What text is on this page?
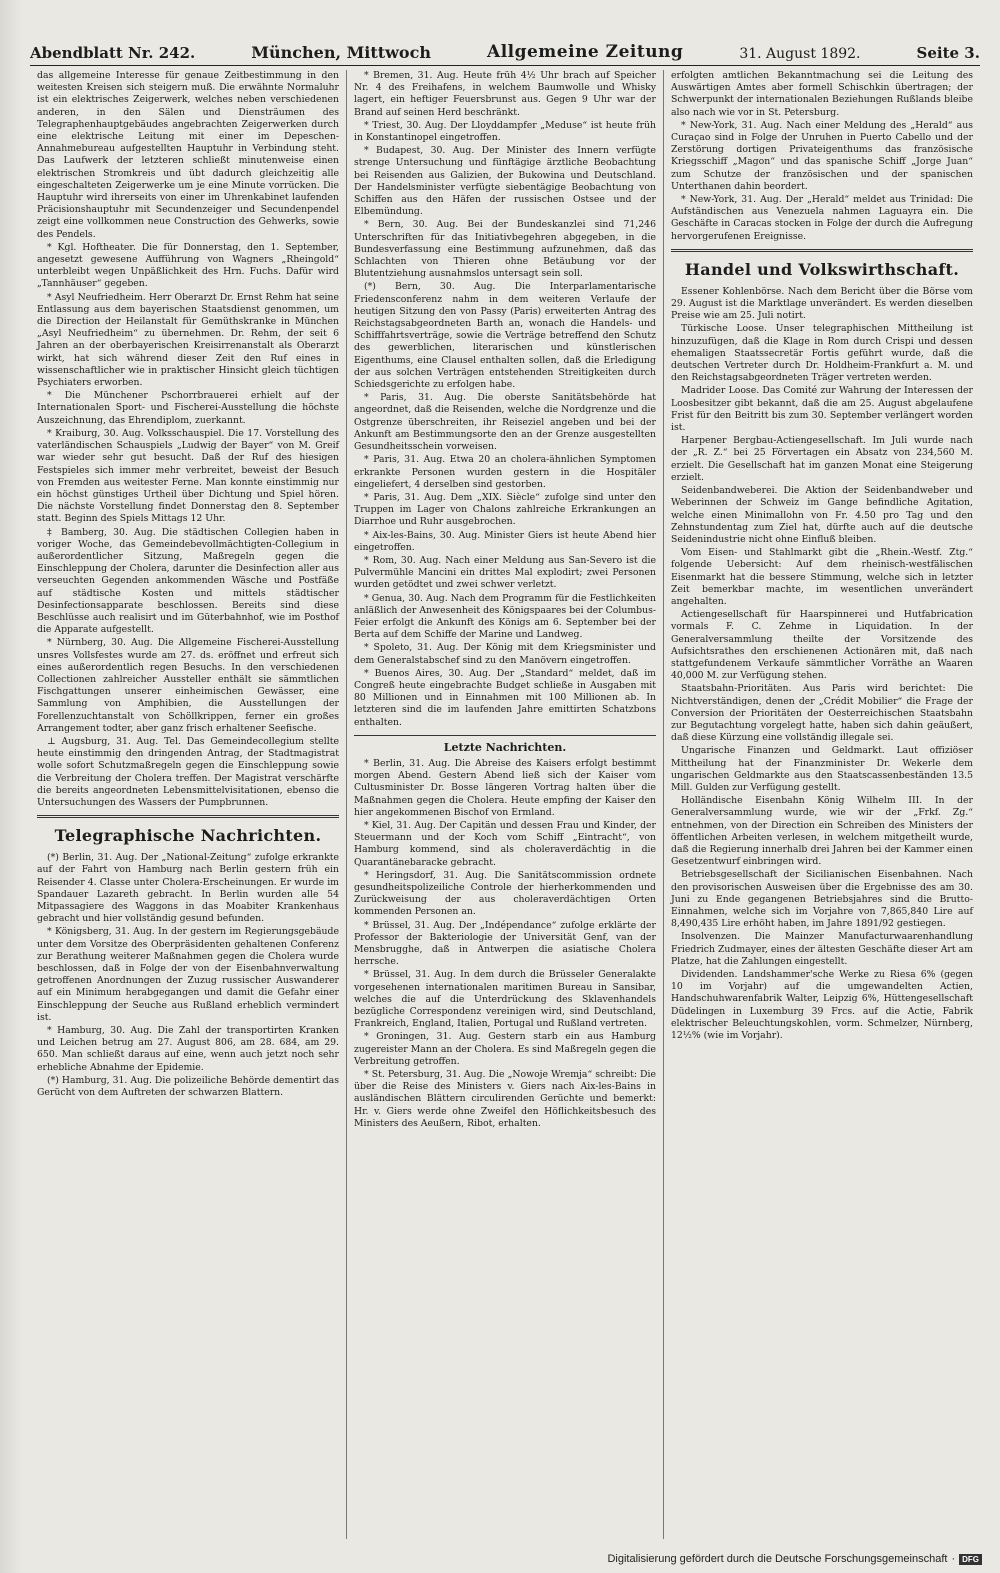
Abendblatt Nr. 242.	München, Mittwoch	Allgemeine Zeitung	31. August 1892.	Seite 3.

das allgemeine Interesse für genaue Zeitbestimmung in den weitesten Kreisen sich steigern muß. Die erwähnte Normaluhr ist ein elektrisches Zeigerwerk, welches neben verschiedenen anderen, in den Sälen und Diensträumen des Telegraphenhauptgebäudes angebrachten Zeigerwerken durch eine elektrische Leitung mit einer im Depeschen-Annahmebureau aufgestellten Hauptuhr in Verbindung steht. Das Laufwerk der letzteren schließt minutenweise einen elektrischen Stromkreis und übt dadurch gleichzeitig alle eingeschalteten Zeigerwerke um je eine Minute vorrücken. Die Hauptuhr wird ihrerseits von einer im Uhrenkabinet laufenden Präcisionshauptuhr mit Secundenzeiger und Secundenpendel zeigt eine vollkommen neue Construction des Gehwerks, sowie des Pendels.

* Kgl. Hoftheater. Die für Donnerstag, den 1. September, angesetzt gewesene Aufführung von Wagners „Rheingold“ unterbleibt wegen Unpäßlichkeit des Hrn. Fuchs. Dafür wird „Tannhäuser“ gegeben.

* Asyl Neufriedheim. Herr Oberarzt Dr. Ernst Rehm hat seine Entlassung aus dem bayerischen Staatsdienst genommen, um die Direction der Heilanstalt für Gemüthskranke in München „Asyl Neufriedheim“ zu übernehmen. Dr. Rehm, der seit 6 Jahren an der oberbayerischen Kreisirrenanstalt als Oberarzt wirkt, hat sich während dieser Zeit den Ruf eines in wissenschaftlicher wie in praktischer Hinsicht gleich tüchtigen Psychiaters erworben.

* Die Münchener Pschorrbrauerei erhielt auf der Internationalen Sport- und Fischerei-Ausstellung die höchste Auszeichnung, das Ehrendiplom, zuerkannt.

* Kraiburg, 30. Aug. Volksschauspiel. Die 17. Vorstellung des vaterländischen Schauspiels „Ludwig der Bayer“ von M. Greif war wieder sehr gut besucht. Daß der Ruf des hiesigen Festspieles sich immer mehr verbreitet, beweist der Besuch von Fremden aus weitester Ferne. Man konnte einstimmig nur ein höchst günstiges Urtheil über Dichtung und Spiel hören. Die nächste Vorstellung findet Donnerstag den 8. September statt. Beginn des Spiels Mittags 12 Uhr.

‡ Bamberg, 30. Aug. Die städtischen Collegien haben in voriger Woche, das Gemeindebevollmächtigten-Collegium in außerordentlicher Sitzung, Maßregeln gegen die Einschleppung der Cholera, darunter die Desinfection aller aus verseuchten Gegenden ankommenden Wäsche und Postfäße auf städtische Kosten und mittels städtischer Desinfectionsapparate beschlossen. Bereits sind diese Beschlüsse auch realisirt und im Güterbahnhof, wie im Posthof die Apparate aufgestellt.

* Nürnberg, 30. Aug. Die Allgemeine Fischerei-Ausstellung unsres Vollsfestes wurde am 27. ds. eröffnet und erfreut sich eines außerordentlich regen Besuchs. In den verschiedenen Collectionen zahlreicher Aussteller enthält sie sämmtlichen Fischgattungen unserer einheimischen Gewässer, eine Sammlung von Amphibien, die Ausstellungen der Forellenzuchtanstalt von Schöllkrippen, ferner ein großes Arrangement todter, aber ganz frisch erhaltener Seefische.

⊥ Augsburg, 31. Aug. Tel. Das Gemeindecollegium stellte heute einstimmig den dringenden Antrag, der Stadtmagistrat wolle sofort Schutzmaßregeln gegen die Einschleppung sowie die Verbreitung der Cholera treffen. Der Magistrat verschärfte die bereits angeordneten Lebensmittelvisitationen, ebenso die Untersuchungen des Wassers der Pumpbrunnen.

Telegraphische Nachrichten.

(*) Berlin, 31. Aug. Der „National-Zeitung“ zufolge erkrankte auf der Fahrt von Hamburg nach Berlin gestern früh ein Reisender 4. Classe unter Cholera-Erscheinungen. Er wurde im Spandauer Lazareth gebracht. In Berlin wurden alle 54 Mitpassagiere des Waggons in das Moabiter Krankenhaus gebracht und hier vollständig gesund befunden.

* Königsberg, 31. Aug. In der gestern im Regierungsgebäude unter dem Vorsitze des Oberpräsidenten gehaltenen Conferenz zur Berathung weiterer Maßnahmen gegen die Cholera wurde beschlossen, daß in Folge der von der Eisenbahnverwaltung getroffenen Anordnungen der Zuzug russischer Auswanderer auf ein Minimum herabgegangen und damit die Gefahr einer Einschleppung der Seuche aus Rußland erheblich vermindert ist.

* Hamburg, 30. Aug. Die Zahl der transportirten Kranken und Leichen betrug am 27. August 806, am 28. 684, am 29. 650. Man schließt daraus auf eine, wenn auch jetzt noch sehr erhebliche Abnahme der Epidemie.

(*) Hamburg, 31. Aug. Die polizeiliche Behörde dementirt das Gerücht von dem Auftreten der schwarzen Blattern.

* Bremen, 31. Aug. Heute früh 4½ Uhr brach auf Speicher Nr. 4 des Freihafens, in welchem Baumwolle und Whisky lagert, ein heftiger Feuersbrunst aus. Gegen 9 Uhr war der Brand auf seinen Herd beschränkt.

* Triest, 30. Aug. Der Lloyddampfer „Meduse“ ist heute früh in Konstantinopel eingetroffen.

* Budapest, 30. Aug. Der Minister des Innern verfügte strenge Untersuchung und fünftägige ärztliche Beobachtung bei Reisenden aus Galizien, der Bukowina und Deutschland. Der Handelsminister verfügte siebentägige Beobachtung von Schiffen aus den Häfen der russischen Ostsee und der Elbemündung.

* Bern, 30. Aug. Bei der Bundeskanzlei sind 71,246 Unterschriften für das Initiativbegehren abgegeben, in die Bundesverfassung eine Bestimmung aufzunehmen, daß das Schlachten von Thieren ohne Betäubung vor der Blutentziehung ausnahmslos untersagt sein soll.

(*) Bern, 30. Aug. Die Interparlamentarische Friedensconferenz nahm in dem weiteren Verlaufe der heutigen Sitzung den von Passy (Paris) erweiterten Antrag des Reichstagsabgeordneten Barth an, wonach die Handels- und Schifffahrtsverträge, sowie die Verträge betreffend den Schutz des gewerblichen, literarischen und künstlerischen Eigenthums, eine Clausel enthalten sollen, daß die Erledigung der aus solchen Verträgen entstehenden Streitigkeiten durch Schiedsgerichte zu erfolgen habe.

* Paris, 31. Aug. Die oberste Sanitätsbehörde hat angeordnet, daß die Reisenden, welche die Nordgrenze und die Ostgrenze überschreiten, ihr Reiseziel angeben und bei der Ankunft am Bestimmungsorte den an der Grenze ausgestellten Gesundheitsschein vorweisen.

* Paris, 31. Aug. Etwa 20 an cholera-ähnlichen Symptomen erkrankte Personen wurden gestern in die Hospitäler eingeliefert, 4 derselben sind gestorben.

* Paris, 31. Aug. Dem „XIX. Siècle“ zufolge sind unter den Truppen im Lager von Chalons zahlreiche Erkrankungen an Diarrhoe und Ruhr ausgebrochen.

* Aix-les-Bains, 30. Aug. Minister Giers ist heute Abend hier eingetroffen.

* Rom, 30. Aug. Nach einer Meldung aus San-Severo ist die Pulvermühle Mancini ein drittes Mal explodirt; zwei Personen wurden getödtet und zwei schwer verletzt.

* Genua, 30. Aug. Nach dem Programm für die Festlichkeiten anläßlich der Anwesenheit des Königspaares bei der Columbus-Feier erfolgt die Ankunft des Königs am 6. September bei der Berta auf dem Schiffe der Marine und Landweg.

* Spoleto, 31. Aug. Der König mit dem Kriegsminister und dem Generalstabschef sind zu den Manövern eingetroffen.

* Buenos Aires, 30. Aug. Der „Standard“ meldet, daß im Congreß heute eingebrachte Budget schließe in Ausgaben mit 80 Millionen und in Einnahmen mit 100 Millionen ab. In letzteren sind die im laufenden Jahre emittirten Schatzbons enthalten.

Letzte Nachrichten.

* Berlin, 31. Aug. Die Abreise des Kaisers erfolgt bestimmt morgen Abend. Gestern Abend ließ sich der Kaiser vom Cultusminister Dr. Bosse längeren Vortrag halten über die Maßnahmen gegen die Cholera. Heute empfing der Kaiser den hier angekommenen Bischof von Ermland.

* Kiel, 31. Aug. Der Capitän und dessen Frau und Kinder, der Steuermann und der Koch vom Schiff „Eintracht“, von Hamburg kommend, sind als choleraverdächtig in die Quarantänebaracke gebracht.

* Heringsdorf, 31. Aug. Die Sanitätscommission ordnete gesundheitspolizeiliche Controle der hierherkommenden und Zurückweisung der aus choleraverdächtigen Orten kommenden Personen an.

* Brüssel, 31. Aug. Der „Indépendance“ zufolge erklärte der Professor der Bakteriologie der Universität Genf, van der Mensbrugghe, daß in Antwerpen die asiatische Cholera herrsche.

* Brüssel, 31. Aug. In dem durch die Brüsseler Generalakte vorgesehenen internationalen maritimen Bureau in Sansibar, welches die auf die Unterdrückung des Sklavenhandels bezügliche Correspondenz vereinigen wird, sind Deutschland, Frankreich, England, Italien, Portugal und Rußland vertreten.

* Groningen, 31. Aug. Gestern starb ein aus Hamburg zugereister Mann an der Cholera. Es sind Maßregeln gegen die Verbreitung getroffen.

* St. Petersburg, 31. Aug. Die „Nowoje Wremja“ schreibt: Die über die Reise des Ministers v. Giers nach Aix-les-Bains in ausländischen Blättern circulirenden Gerüchte und bemerkt: Hr. v. Giers werde ohne Zweifel den Höflichkeitsbesuch des Ministers des Aeußern, Ribot, erhalten.

erfolgten amtlichen Bekanntmachung sei die Leitung des Auswärtigen Amtes aber formell Schischkin übertragen; der Schwerpunkt der internationalen Beziehungen Rußlands bleibe also nach wie vor in St. Petersburg.

* New-York, 31. Aug. Nach einer Meldung des „Herald“ aus Curaçao sind in Folge der Unruhen in Puerto Cabello und der Zerstörung dortigen Privateigenthums das französische Kriegsschiff „Magon“ und das spanische Schiff „Jorge Juan“ zum Schutze der französischen und der spanischen Unterthanen dahin beordert.

* New-York, 31. Aug. Der „Herald“ meldet aus Trinidad: Die Aufständischen aus Venezuela nahmen Laguayra ein. Die Geschäfte in Caracas stocken in Folge der durch die Aufregung hervorgerufenen Ereignisse.

Handel und Volkswirthschaft.

Essener Kohlenbörse. Nach dem Bericht über die Börse vom 29. August ist die Marktlage unverändert. Es werden dieselben Preise wie am 25. Juli notirt.

Türkische Loose. Unser telegraphischen Mittheilung ist hinzuzufügen, daß die Klage in Rom durch Crispi und dessen ehemaligen Staatssecretär Fortis geführt wurde, daß die deutschen Vertreter durch Dr. Holdheim-Frankfurt a. M. und den Reichstagsabgeordneten Träger vertreten werden.

Madrider Loose. Das Comité zur Wahrung der Interessen der Loosbesitzer gibt bekannt, daß die am 25. August abgelaufene Frist für den Beitritt bis zum 30. September verlängert worden ist.

Harpener Bergbau-Actiengesellschaft. Im Juli wurde nach der „R. Z.“ bei 25 Förvertagen ein Absatz von 234,560 M. erzielt. Die Gesellschaft hat im ganzen Monat eine Steigerung erzielt.

Seidenbandweberei. Die Aktion der Seidenbandweber und Weberinnen der Schweiz im Gange befindliche Agitation, welche einen Minimallohn von Fr. 4.50 pro Tag und den Zehnstundentag zum Ziel hat, dürfte auch auf die deutsche Seidenindustrie nicht ohne Einfluß bleiben.

Vom Eisen- und Stahlmarkt gibt die „Rhein.-Westf. Ztg.“ folgende Uebersicht: Auf dem rheinisch-westfälischen Eisenmarkt hat die bessere Stimmung, welche sich in letzter Zeit bemerkbar machte, im wesentlichen unverändert angehalten.

Actiengesellschaft für Haarspinnerei und Hutfabrication vormals F. C. Zehme in Liquidation. In der Generalversammlung theilte der Vorsitzende des Aufsichtsrathes den erschienenen Actionären mit, daß nach stattgefundenem Verkaufe sämmtlicher Vorräthe an Waaren 40,000 M. zur Verfügung stehen.

Staatsbahn-Prioritäten. Aus Paris wird berichtet: Die Nichtverständigen, denen der „Crédit Mobilier“ die Frage der Conversion der Prioritäten der Oesterreichischen Staatsbahn zur Begutachtung vorgelegt hatte, haben sich dahin geäußert, daß diese Kürzung eine vollständig illegale sei.

Ungarische Finanzen und Geldmarkt. Laut offiziöser Mittheilung hat der Finanzminister Dr. Wekerle dem ungarischen Geldmarkte aus den Staatscassenbeständen 13.5 Mill. Gulden zur Verfügung gestellt.

Holländische Eisenbahn König Wilhelm III. In der Generalversammlung wurde, wie wir der „Frkf. Zg.“ entnehmen, von der Direction ein Schreiben des Ministers der öffentlichen Arbeiten verlesen, in welchem mitgetheilt wurde, daß die Regierung innerhalb drei Jahren bei der Kammer einen Gesetzentwurf einbringen wird.

Betriebsgesellschaft der Sicilianischen Eisenbahnen. Nach den provisorischen Ausweisen über die Ergebnisse des am 30. Juni zu Ende gegangenen Betriebsjahres sind die Brutto-Einnahmen, welche sich im Vorjahre von 7,865,840 Lire auf 8,490,435 Lire erhöht haben, im Jahre 1891/92 gestiegen.

Insolvenzen. Die Mainzer Manufacturwaarenhandlung Friedrich Zudmayer, eines der ältesten Geschäfte dieser Art am Platze, hat die Zahlungen eingestellt.

Dividenden. Landshammer'sche Werke zu Riesa 6% (gegen 10 im Vorjahr) auf die umgewandelten Actien, Handschuhwarenfabrik Walter, Leipzig 6%, Hüttengesellschaft Düdelingen in Luxemburg 39 Frcs. auf die Actie, Fabrik elektrischer Beleuchtungskohlen, vorm. Schmelzer, Nürnberg, 12½% (wie im Vorjahr).

Digitalisierung gefördert durch die Deutsche Forschungsgemeinschaft · DFG
